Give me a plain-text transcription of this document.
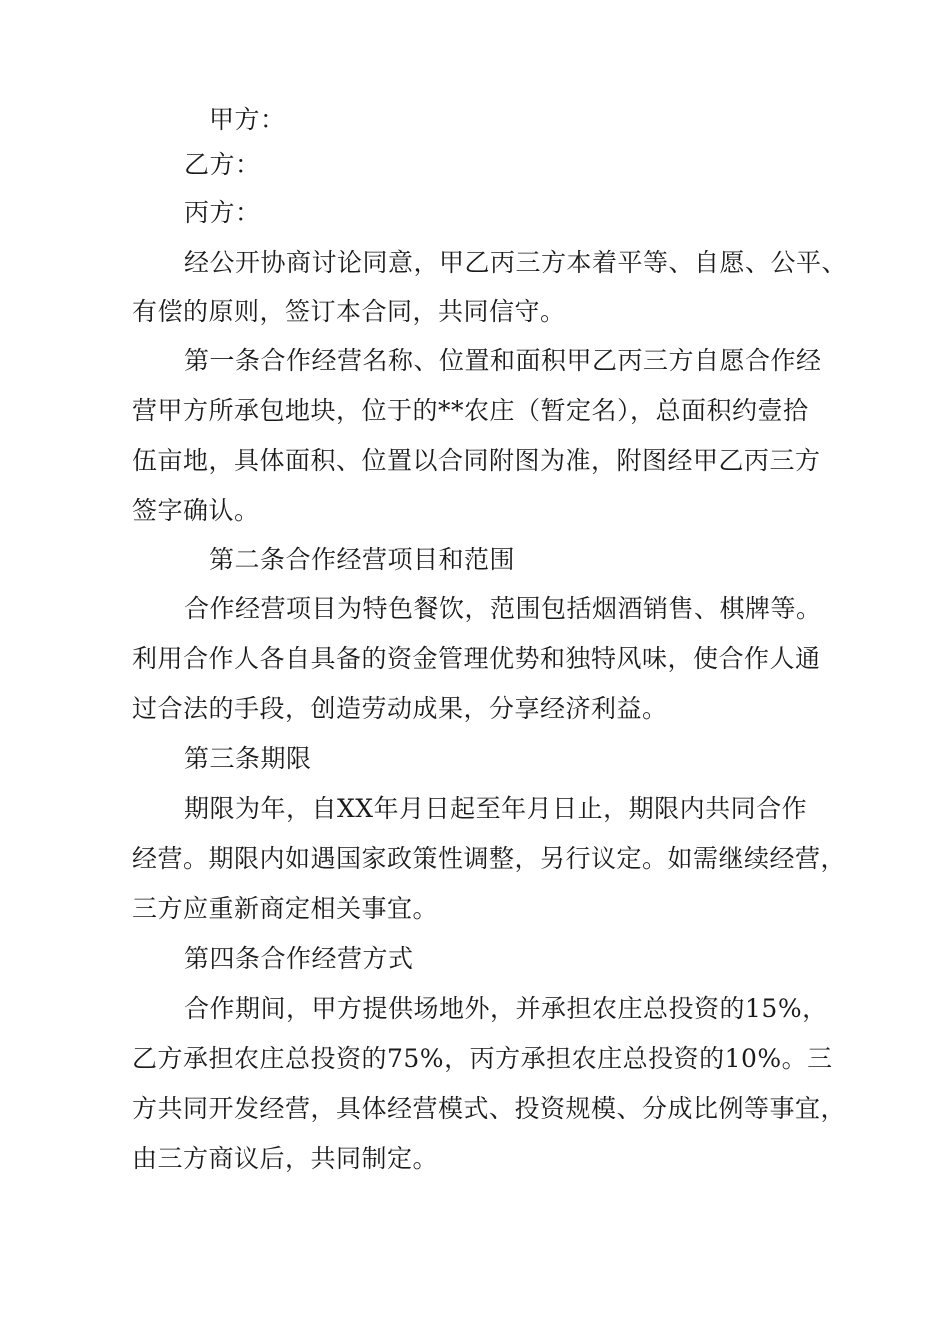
甲方：
乙方：
丙方：
经公开协商讨论同意，甲乙丙三方本着平等、自愿、公平、
有偿的原则，签订本合同，共同信守。
第一条合作经营名称、位置和面积甲乙丙三方自愿合作经
营甲方所承包地块，位于的**农庄（暂定名），总面积约壹拾
伍亩地，具体面积、位置以合同附图为准，附图经甲乙丙三方
签字确认。
第二条合作经营项目和范围
合作经营项目为特色餐饮，范围包括烟酒销售、棋牌等。
利用合作人各自具备的资金管理优势和独特风味，使合作人通
过合法的手段，创造劳动成果，分享经济利益。
第三条期限
期限为年，自XX年月日起至年月日止，期限内共同合作
经营。期限内如遇国家政策性调整，另行议定。如需继续经营，
三方应重新商定相关事宜。
第四条合作经营方式
合作期间，甲方提供场地外，并承担农庄总投资的15%，
乙方承担农庄总投资的75%，丙方承担农庄总投资的10%。三
方共同开发经营，具体经营模式、投资规模、分成比例等事宜，
由三方商议后，共同制定。
